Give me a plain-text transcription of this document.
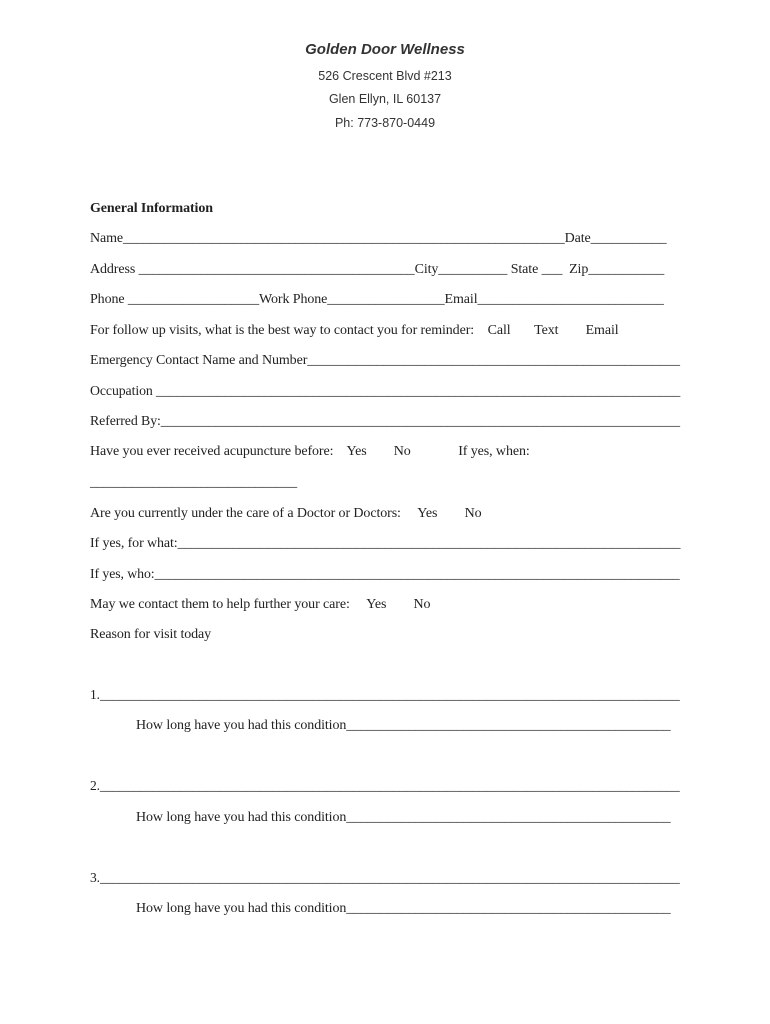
Golden Door Wellness
526 Crescent Blvd #213
Glen Ellyn, IL 60137
Ph: 773-870-0449
General Information
Name________________________________________________________________Date___________
Address ________________________________________City__________ State ___  Zip___________
Phone ___________________Work Phone_________________Email___________________________
For follow up visits, what is the best way to contact you for reminder:    Call       Text        Email
Emergency Contact Name and Number______________________________________________________
Occupation _____________________________________________________________________________
Referred By:____________________________________________________________________________
Have you ever received acupuncture before:    Yes        No              If yes, when:
______________________________
Are you currently under the care of a Doctor or Doctors:     Yes        No
If yes, for what:_________________________________________________________________________
If yes, who:_____________________________________________________________________________
May we contact them to help further your care:     Yes        No
Reason for visit today
1._______________________________________________________________________________________
How long have you had this condition_______________________________________________
2._______________________________________________________________________________________
How long have you had this condition_______________________________________________
3._______________________________________________________________________________________
How long have you had this condition_______________________________________________
